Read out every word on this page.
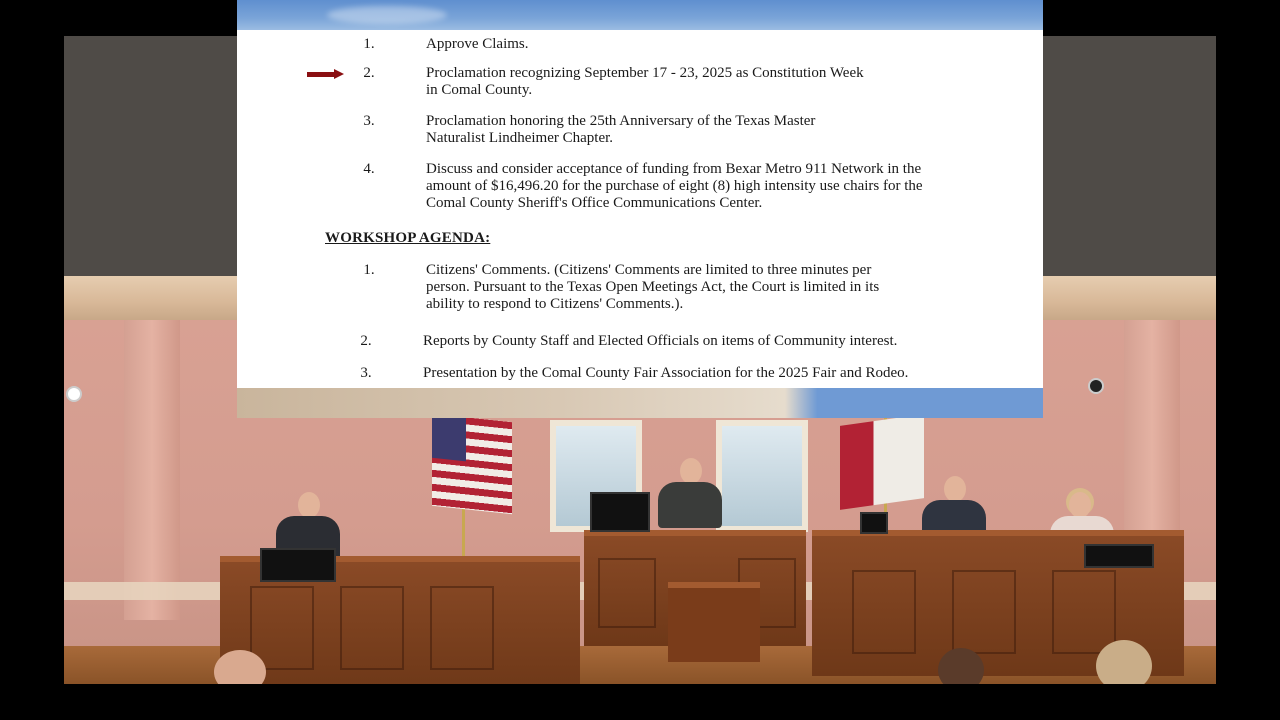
1.	Approve Claims.
2.	Proclamation recognizing September 17 - 23, 2025 as Constitution Week
in Comal County.
3.	Proclamation honoring the 25th Anniversary of the Texas Master
Naturalist Lindheimer Chapter.
4.	Discuss and consider acceptance of funding from Bexar Metro 911 Network in the
amount of $16,496.20 for the purchase of eight (8) high intensity use chairs for the
Comal County Sheriff's Office Communications Center.
WORKSHOP AGENDA:
1.	Citizens' Comments. (Citizens' Comments are limited to three minutes per
person. Pursuant to the Texas Open Meetings Act, the Court is limited in its
ability to respond to Citizens' Comments.).
2.	Reports by County Staff and Elected Officials on items of Community interest.
3.	Presentation by the Comal County Fair Association for the 2025 Fair and Rodeo.
